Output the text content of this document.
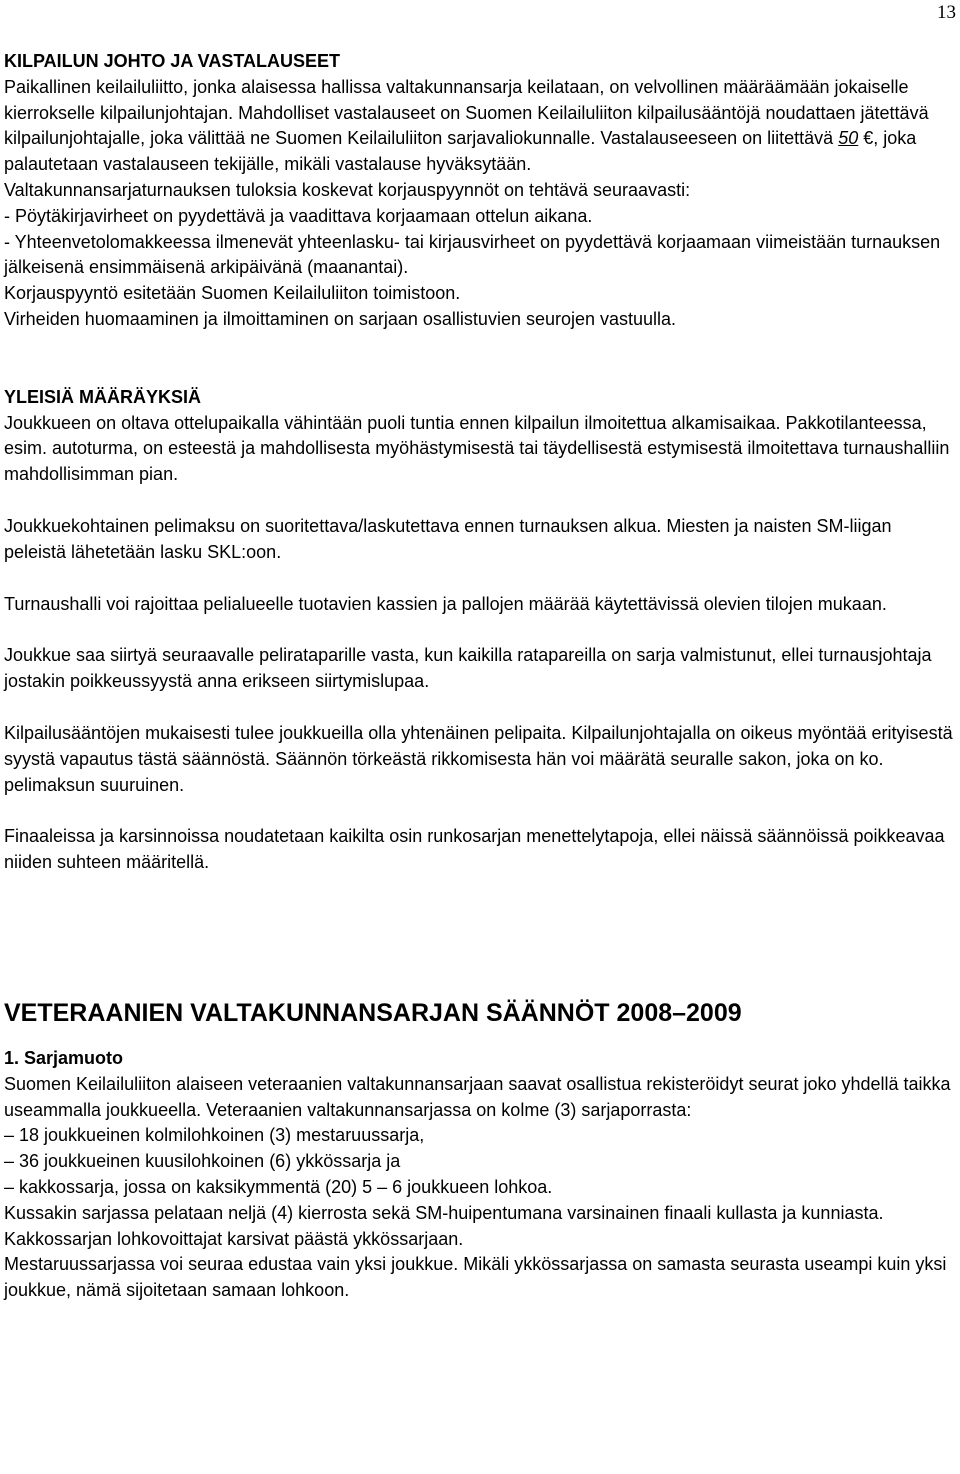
13

KILPAILUN JOHTO JA VASTALAUSEET

Paikallinen keilailuliitto, jonka alaisessa hallissa valtakunnansarja keilataan, on velvollinen määräämään jokaiselle kierrokselle kilpailunjohtajan. Mahdolliset vastalauseet on Suomen Keilailuliiton kilpailusääntöjä noudattaen jätettävä kilpailunjohtajalle, joka välittää ne Suomen Keilailuliiton sarjavaliokunnalle. Vastalauseeseen on liitettävä 50 €, joka palautetaan vastalauseen tekijälle, mikäli vastalause hyväksytään.

Valtakunnansarjaturnauksen tuloksia koskevat korjauspyynnöt on tehtävä seuraavasti:

- Pöytäkirjavirheet on pyydettävä ja vaadittava korjaamaan ottelun aikana.

- Yhteenvetolomakkeessa ilmenevät yhteenlasku- tai kirjausvirheet on pyydettävä korjaamaan viimeistään turnauksen jälkeisenä ensimmäisenä arkipäivänä (maanantai).

Korjauspyyntö esitetään Suomen Keilailuliiton toimistoon.

Virheiden huomaaminen ja ilmoittaminen on sarjaan osallistuvien seurojen vastuulla.

YLEISIÄ MÄÄRÄYKSIÄ

Joukkueen on oltava ottelupaikalla vähintään puoli tuntia ennen kilpailun ilmoitettua alkamisaikaa. Pakkotilanteessa, esim. autoturma, on esteestä ja mahdollisesta myöhästymisestä tai täydellisestä estymisestä ilmoitettava turnaushalliin mahdollisimman pian.

Joukkuekohtainen pelimaksu on suoritettava/laskutettava ennen turnauksen alkua. Miesten ja naisten SM-liigan peleistä lähetetään lasku SKL:oon.

Turnaushalli voi rajoittaa pelialueelle tuotavien kassien ja pallojen määrää käytettävissä olevien tilojen mukaan.

Joukkue saa siirtyä seuraavalle pelirataparille vasta, kun kaikilla ratapareilla on sarja valmistunut, ellei turnausjohtaja jostakin poikkeussyystä anna erikseen siirtymislupaa.

Kilpailusääntöjen mukaisesti tulee joukkueilla olla yhtenäinen pelipaita. Kilpailunjohtajalla on oikeus myöntää erityisestä syystä vapautus tästä säännöstä. Säännön törkeästä rikkomisesta hän voi määrätä seuralle sakon, joka on ko. pelimaksun suuruinen.

Finaaleissa ja karsinnoissa noudatetaan kaikilta osin runkosarjan menettelytapoja, ellei näissä säännöissä poikkeavaa niiden suhteen määritellä.

VETERAANIEN VALTAKUNNANSARJAN SÄÄNNÖT 2008–2009

1. Sarjamuoto

Suomen Keilailuliiton alaiseen veteraanien valtakunnansarjaan saavat osallistua rekisteröidyt seurat joko yhdellä taikka useammalla joukkueella. Veteraanien valtakunnansarjassa on kolme (3) sarjaporrasta:

– 18 joukkueinen kolmilohkoinen (3) mestaruussarja,

– 36 joukkueinen kuusilohkoinen (6) ykkössarja ja

– kakkossarja, jossa on kaksikymmentä (20) 5 – 6 joukkueen lohkoa.

Kussakin sarjassa pelataan neljä (4) kierrosta sekä SM-huipentumana varsinainen finaali kullasta ja kunniasta. Kakkossarjan lohkovoittajat karsivat päästä ykkössarjaan.

Mestaruussarjassa voi seuraa edustaa vain yksi joukkue. Mikäli ykkössarjassa on samasta seurasta useampi kuin yksi joukkue, nämä sijoitetaan samaan lohkoon.
